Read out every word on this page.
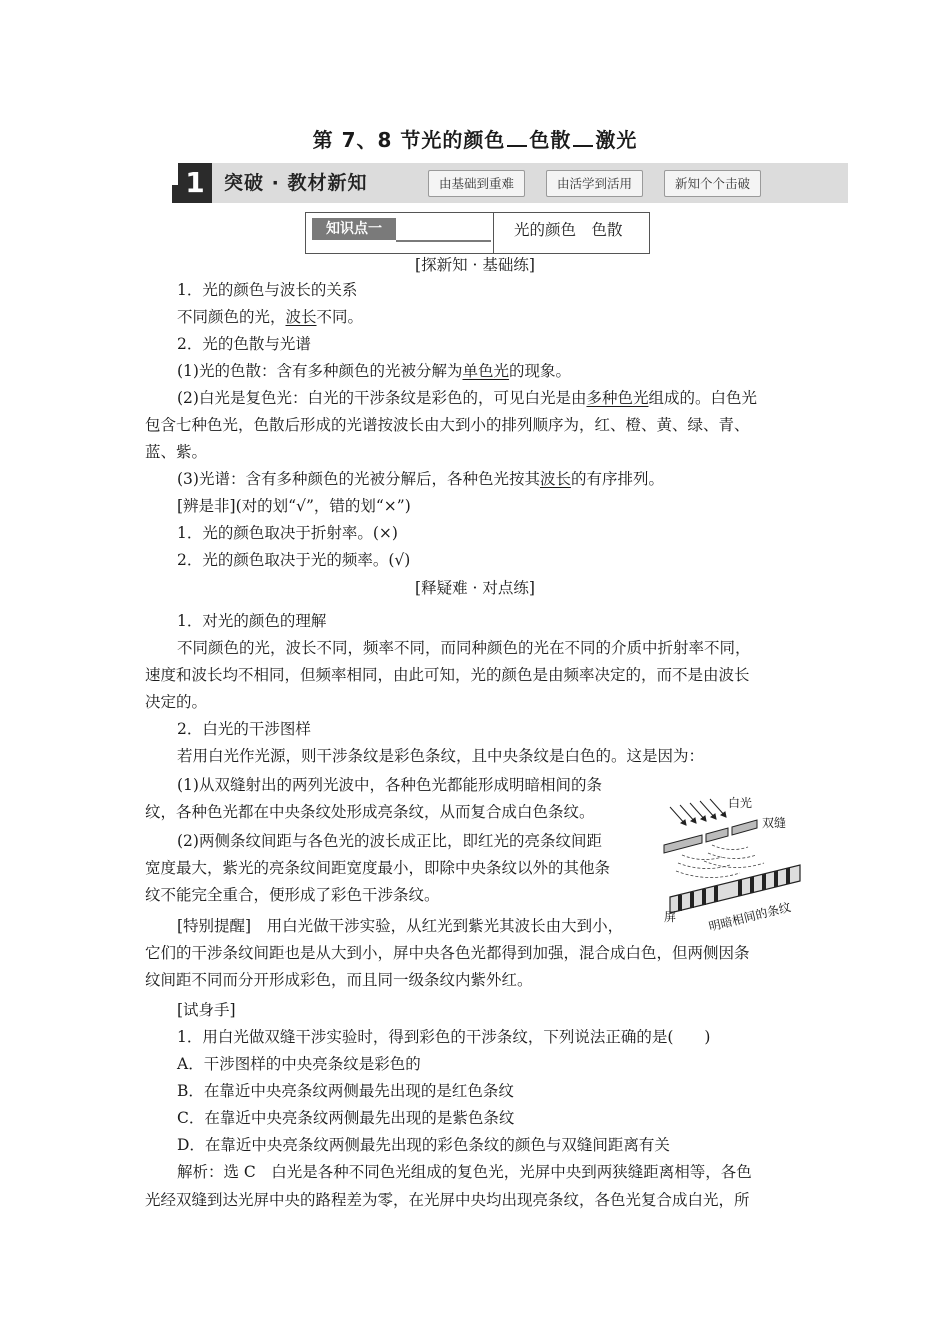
第 7、8 节光的颜色 色散 激光
1	突破 · 教材新知	由基础到重难	由活学到活用	新知个个击破
知识点一	光的颜色　色散
[探新知 · 基础练]
1．光的颜色与波长的关系
不同颜色的光，波长不同。
2．光的色散与光谱
(1)光的色散：含有多种颜色的光被分解为单色光的现象。
(2)白光是复色光：白光的干涉条纹是彩色的，可见白光是由多种色光组成的。白色光
包含七种色光，色散后形成的光谱按波长由大到小的排列顺序为，红、橙、黄、绿、青、
蓝、紫。
(3)光谱：含有多种颜色的光被分解后，各种色光按其波长的有序排列。
[辨是非](对的划“√”，错的划“×”)
1．光的颜色取决于折射率。(×)
2．光的颜色取决于光的频率。(√)
[释疑难 · 对点练]
1．对光的颜色的理解
不同颜色的光，波长不同，频率不同，而同种颜色的光在不同的介质中折射率不同，
速度和波长均不相同，但频率相同，由此可知，光的颜色是由频率决定的，而不是由波长
决定的。
2．白光的干涉图样
若用白光作光源，则干涉条纹是彩色条纹，且中央条纹是白色的。这是因为：
(1)从双缝射出的两列光波中，各种色光都能形成明暗相间的条
纹，各种色光都在中央条纹处形成亮条纹，从而复合成白色条纹。
(2)两侧条纹间距与各色光的波长成正比，即红光的亮条纹间距
宽度最大，紫光的亮条纹间距宽度最小，即除中央条纹以外的其他条
纹不能完全重合，便形成了彩色干涉条纹。
[特别提醒]　用白光做干涉实验，从红光到紫光其波长由大到小，
它们的干涉条纹间距也是从大到小，屏中央各色光都得到加强，混合成白色，但两侧因条
纹间距不同而分开形成彩色，而且同一级条纹内紫外红。
白光
双缝
屏	明暗相间的条纹
[试身手]
1．用白光做双缝干涉实验时，得到彩色的干涉条纹，下列说法正确的是(　　)
A．干涉图样的中央亮条纹是彩色的
B．在靠近中央亮条纹两侧最先出现的是红色条纹
C．在靠近中央亮条纹两侧最先出现的是紫色条纹
D．在靠近中央亮条纹两侧最先出现的彩色条纹的颜色与双缝间距离有关
解析：选 C　白光是各种不同色光组成的复色光，光屏中央到两狭缝距离相等，各色
光经双缝到达光屏中央的路程差为零，在光屏中央均出现亮条纹，各色光复合成白光，所
